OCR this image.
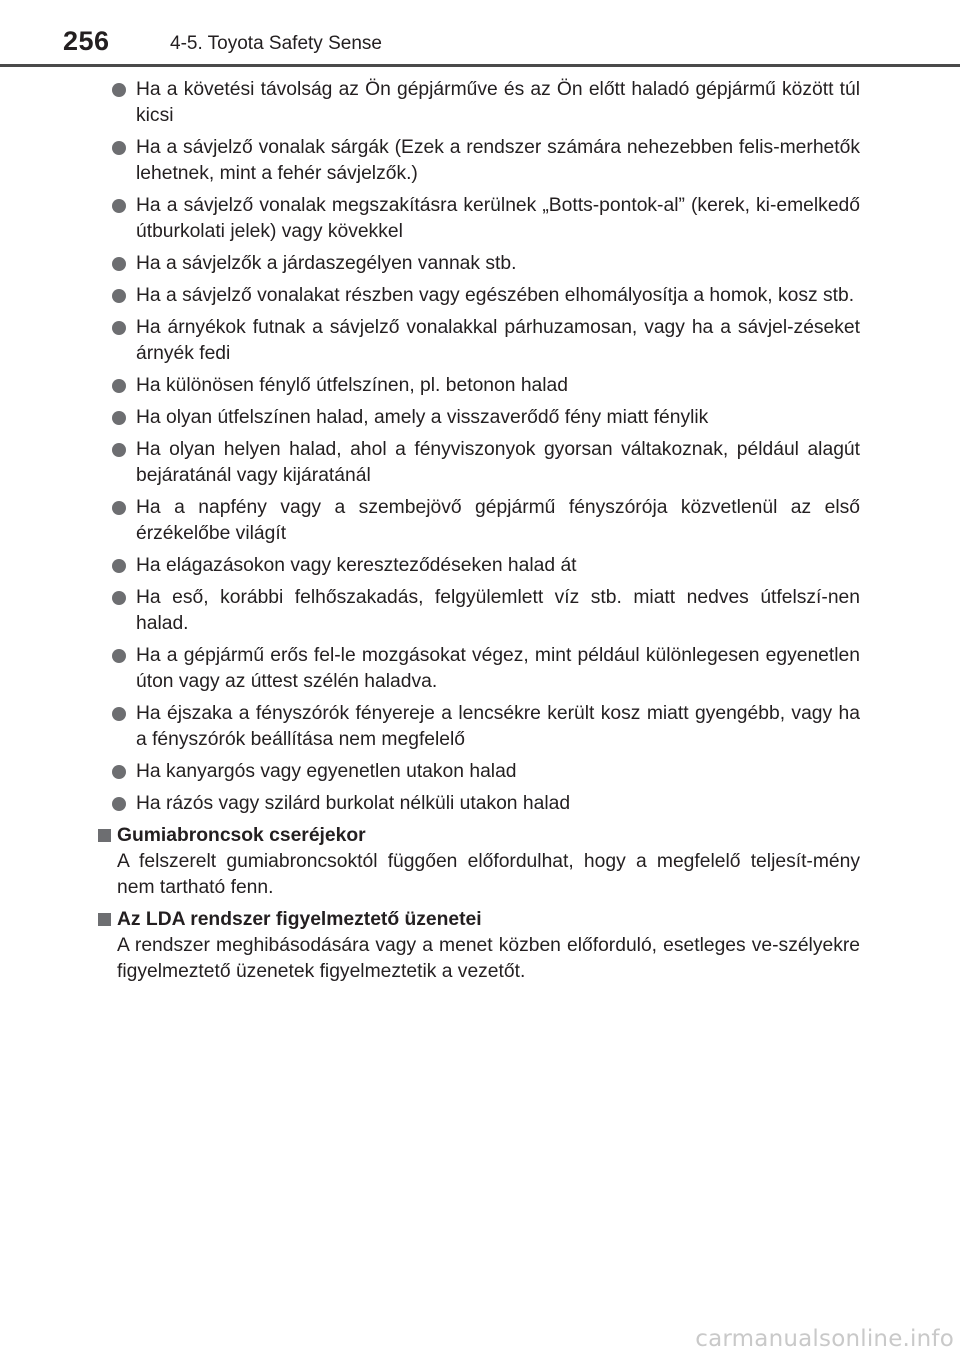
256	4-5. Toyota Safety Sense
Ha a követési távolság az Ön gépjárműve és az Ön előtt haladó gépjármű között túl kicsi
Ha a sávjelző vonalak sárgák (Ezek a rendszer számára nehezebben felis-merhetők lehetnek, mint a fehér sávjelzők.)
Ha a sávjelző vonalak megszakításra kerülnek „Botts-pontok-al” (kerek, ki-emelkedő útburkolati jelek) vagy kövekkel
Ha a sávjelzők a járdaszegélyen vannak stb.
Ha a sávjelző vonalakat részben vagy egészében elhomályosítja a homok, kosz stb.
Ha árnyékok futnak a sávjelző vonalakkal párhuzamosan, vagy ha a sávjel-zéseket árnyék fedi
Ha különösen fénylő útfelszínen, pl. betonon halad
Ha olyan útfelszínen halad, amely a visszaverődő fény miatt fénylik
Ha olyan helyen halad, ahol a fényviszonyok gyorsan váltakoznak, például alagút bejáratánál vagy kijáratánál
Ha a napfény vagy a szembejövő gépjármű fényszórója közvetlenül az első érzékelőbe világít
Ha elágazásokon vagy kereszteződéseken halad át
Ha eső, korábbi felhőszakadás, felgyülemlett víz stb. miatt nedves útfelszí-nen halad.
Ha a gépjármű erős fel-le mozgásokat végez, mint például különlegesen egyenetlen úton vagy az úttest szélén haladva.
Ha éjszaka a fényszórók fényereje a lencsékre került kosz miatt gyengébb, vagy ha a fényszórók beállítása nem megfelelő
Ha kanyargós vagy egyenetlen utakon halad
Ha rázós vagy szilárd burkolat nélküli utakon halad
Gumiabroncsok cseréjekor
A felszerelt gumiabroncsoktól függően előfordulhat, hogy a megfelelő teljesít-mény nem tartható fenn.
Az LDA rendszer figyelmeztető üzenetei
A rendszer meghibásodására vagy a menet közben előforduló, esetleges ve-szélyekre figyelmeztető üzenetek figyelmeztetik a vezetőt.
carmanualsonline.info
